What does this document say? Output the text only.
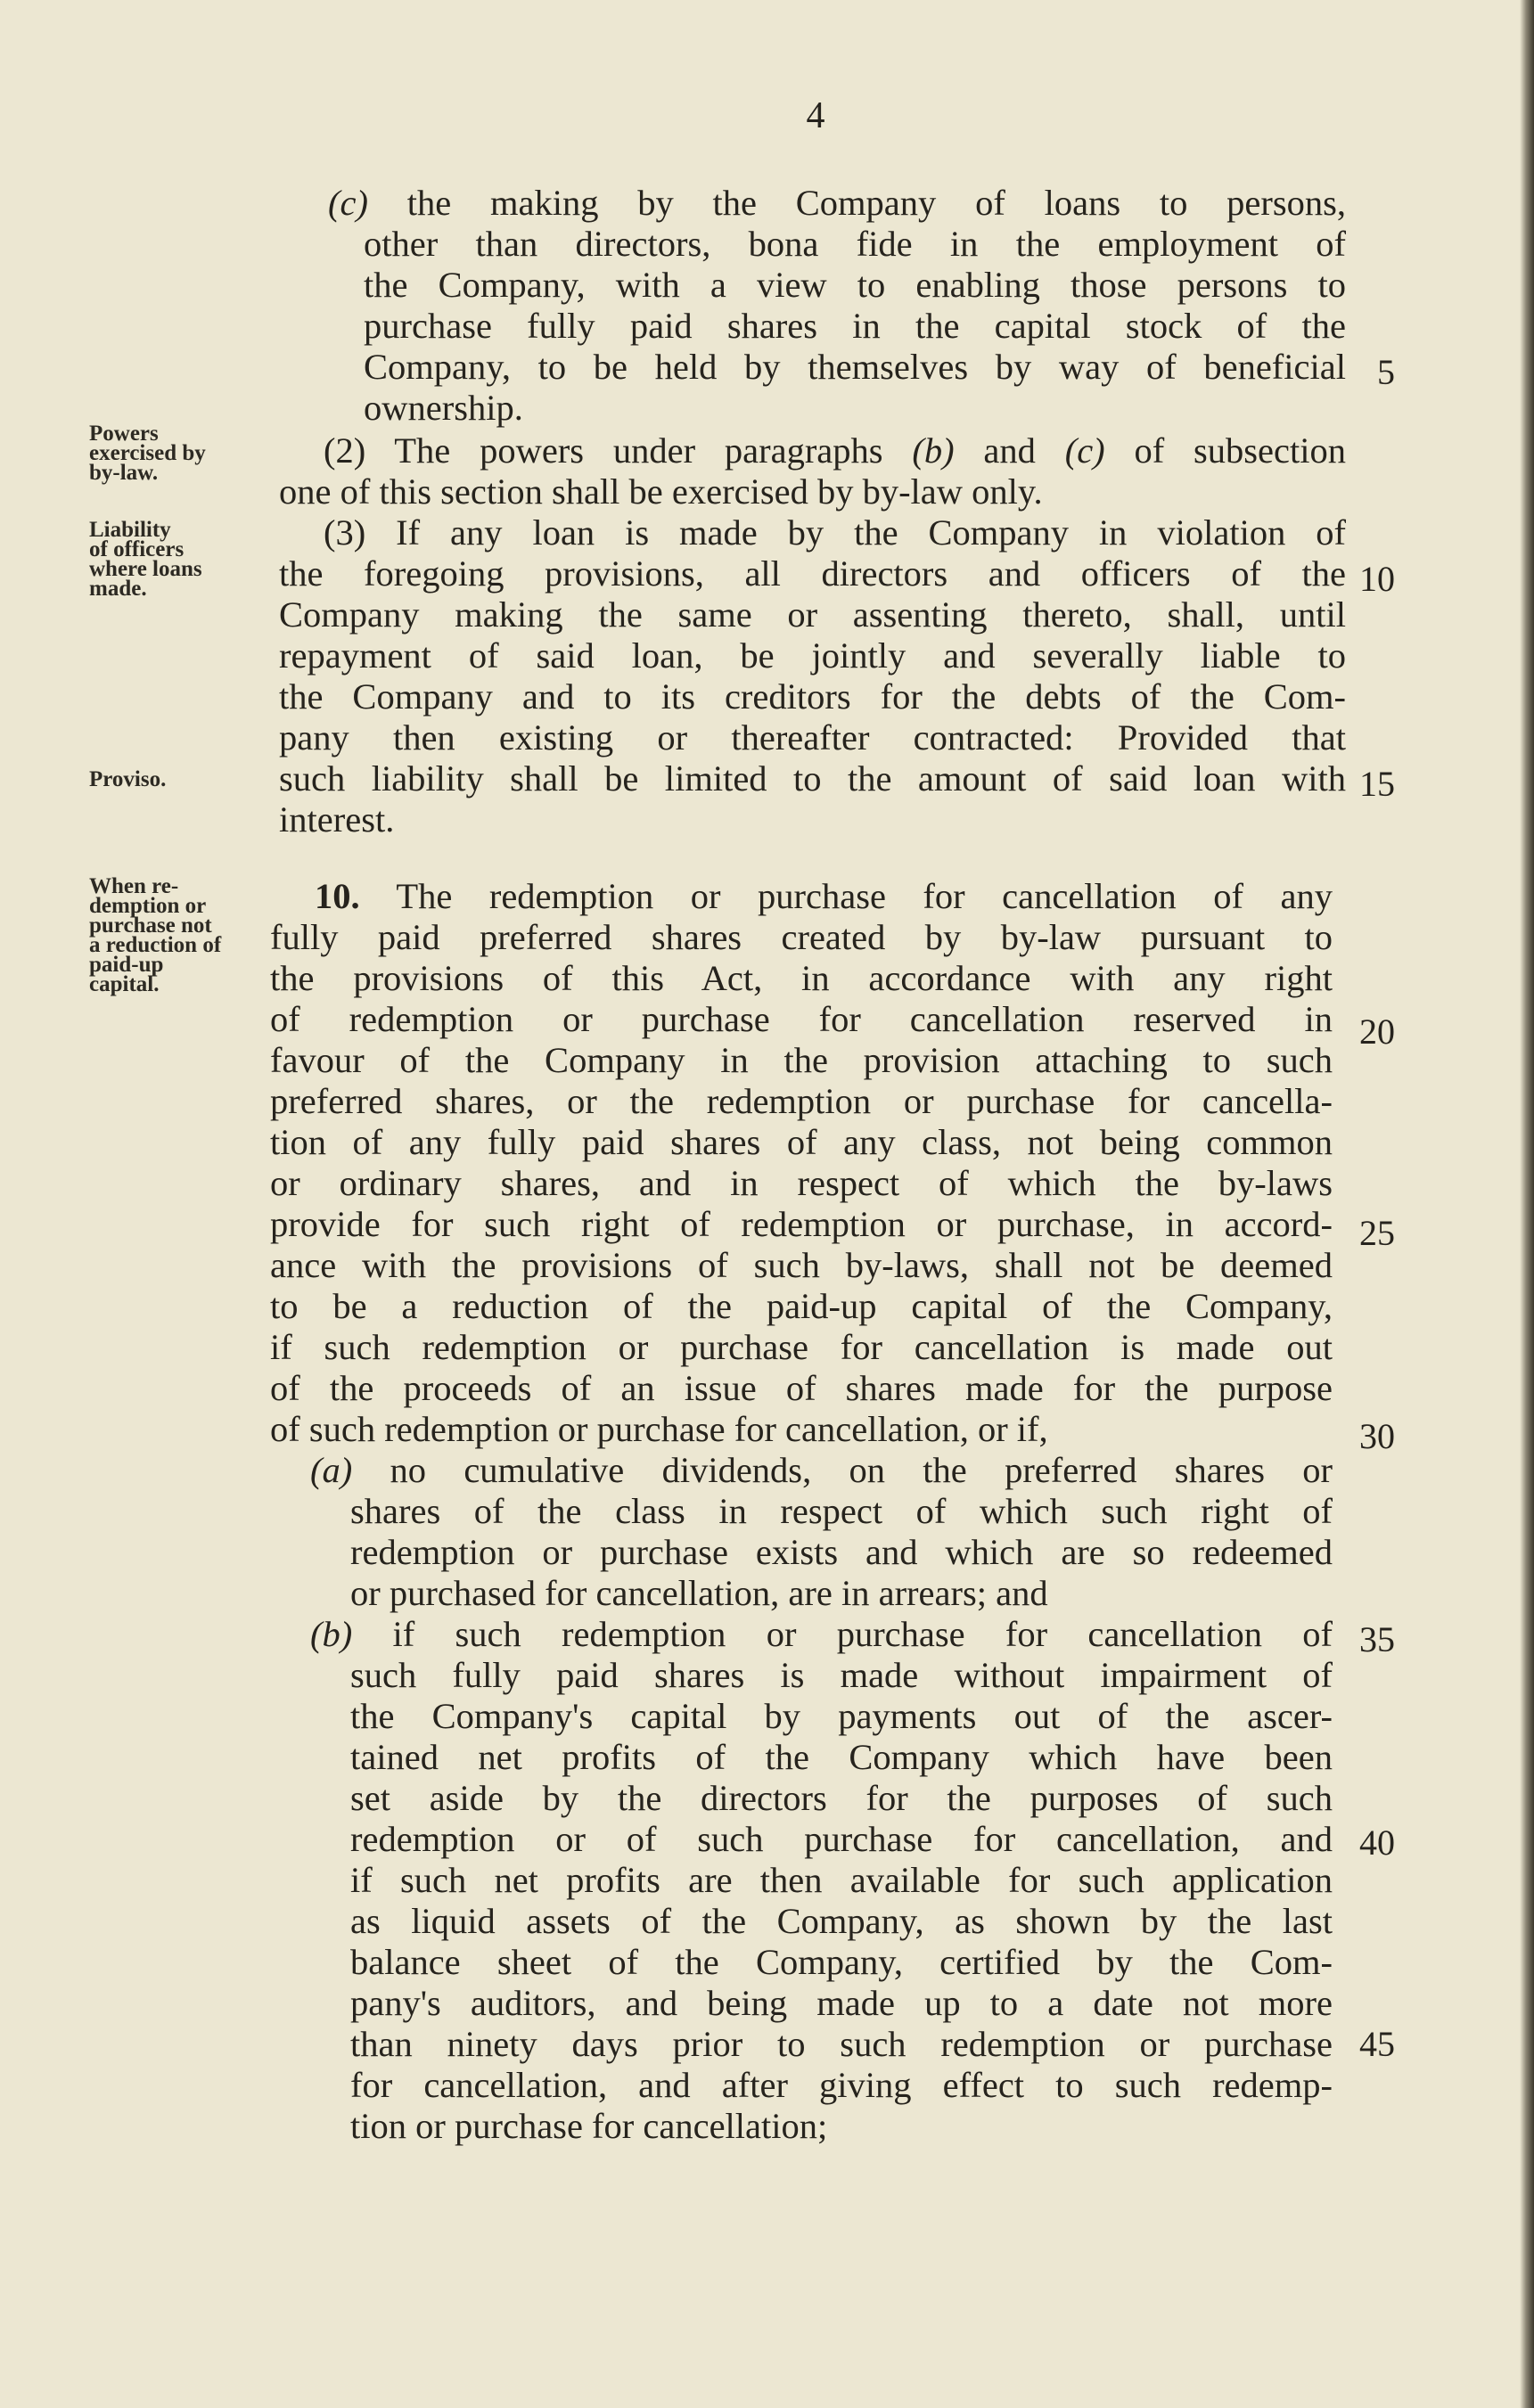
4
(c) the making by the Company of loans to persons,
other than directors, bona fide in the employment of
the Company, with a view to enabling those persons to
purchase fully paid shares in the capital stock of the
Company, to be held by themselves by way of beneficial
ownership.
(2) The powers under paragraphs (b) and (c) of subsection
one of this section shall be exercised by by-law only.
(3) If any loan is made by the Company in violation of
the foregoing provisions, all directors and officers of the
Company making the same or assenting thereto, shall, until
repayment of said loan, be jointly and severally liable to
the Company and to its creditors for the debts of the Com-
pany then existing or thereafter contracted: Provided that
such liability shall be limited to the amount of said loan with
interest.
10. The redemption or purchase for cancellation of any
fully paid preferred shares created by by-law pursuant to
the provisions of this Act, in accordance with any right
of redemption or purchase for cancellation reserved in
favour of the Company in the provision attaching to such
preferred shares, or the redemption or purchase for cancella-
tion of any fully paid shares of any class, not being common
or ordinary shares, and in respect of which the by-laws
provide for such right of redemption or purchase, in accord-
ance with the provisions of such by-laws, shall not be deemed
to be a reduction of the paid-up capital of the Company,
if such redemption or purchase for cancellation is made out
of the proceeds of an issue of shares made for the purpose
of such redemption or purchase for cancellation, or if,
(a) no cumulative dividends, on the preferred shares or
shares of the class in respect of which such right of
redemption or purchase exists and which are so redeemed
or purchased for cancellation, are in arrears; and
(b) if such redemption or purchase for cancellation of
such fully paid shares is made without impairment of
the Company's capital by payments out of the ascer-
tained net profits of the Company which have been
set aside by the directors for the purposes of such
redemption or of such purchase for cancellation, and
if such net profits are then available for such application
as liquid assets of the Company, as shown by the last
balance sheet of the Company, certified by the Com-
pany's auditors, and being made up to a date not more
than ninety days prior to such redemption or purchase
for cancellation, and after giving effect to such redemp-
tion or purchase for cancellation;
Powers
exercised by
by-law.
Liability
of officers
where loans
made.
Proviso.
When re-
demption or
purchase not
a reduction of
paid-up
capital.
5
10
15
20
25
30
35
40
45
